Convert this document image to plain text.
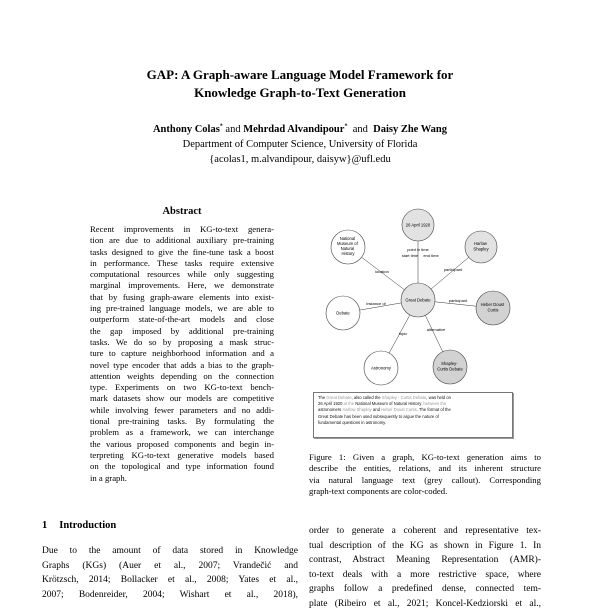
GAP: A Graph-aware Language Model Framework for
Knowledge Graph-to-Text Generation
Anthony Colas* and Mehrdad Alvandipour* and Daisy Zhe Wang
Department of Computer Science, University of Florida
{acolas1, m.alvandipour, daisyw}@ufl.edu
Abstract
Recent improvements in KG-to-text genera-
tion are due to additional auxiliary pre-training
tasks designed to give the fine-tune task a boost
in performance. These tasks require extensive
computational resources while only suggesting
marginal improvements. Here, we demonstrate
that by fusing graph-aware elements into exist-
ing pre-trained language models, we are able to
outperform state-of-the-art models and close
the gap imposed by additional pre-training
tasks. We do so by proposing a mask struc-
ture to capture neighborhood information and a
novel type encoder that adds a bias to the graph-
attention weights depending on the connection
type. Experiments on two KG-to-text bench-
mark datasets show our models are competitive
while involving fewer parameters and no addi-
tional pre-training tasks. By formulating the
problem as a framework, we can interchange
the various proposed components and begin in-
terpreting KG-to-text generative models based
on the topological and type information found
in a graph.
Great Debate
26 April 1920
National Museum of Natural History
Harlow Shapley
Debate
Heber Doust Curtis
Astronomy
Shapley- Curtis Debate
start time end time
point in time
location	participant
instance of
participant
topic
alternative
The Great Debate, also called the Shapley - Curtis Debate, was held on
26 April 1920 at the National Museum of Natural History, between the
astronomers Harlow Shapley and Heber Doust Curtis. The format of the
Great Debate has been used subsequently to argue the nature of
fundamental questions in astronomy.
Figure 1: Given a graph, KG-to-text generation aims to
describe the entities, relations, and its inherent structure
via natural language text (grey callout). Corresponding
graph-text components are color-coded.
1 Introduction
Due to the amount of data stored in Knowledge
Graphs (KGs) (Auer et al., 2007; Vrandečić and
Krötzsch, 2014; Bollacker et al., 2008; Yates et al.,
2007; Bodenreider, 2004; Wishart et al., 2018),
order to generate a coherent and representative tex-
tual description of the KG as shown in Figure 1. In
contrast, Abstract Meaning Representation (AMR)-
to-text deals with a more restrictive space, where
graphs follow a predefined dense, connected tem-
plate (Ribeiro et al., 2021; Koncel-Kedziorski et al.,
